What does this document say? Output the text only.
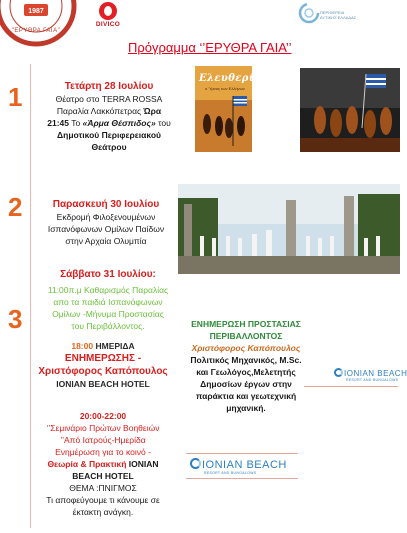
1987
"ΕΡΥΘΡΑ ΓΑΙΑ"
DIVICO
ΠΕΡΙΦΕΡΕΙΑ ΔΥΤΙΚΗΣ ΕΛΛΑΔΑΣ
Πρόγραμμα ‘’ΕΡΥΘΡΑ ΓΑΙΑ’’
1	Τετάρτη 28 Ιουλίου
Θέατρο στο TERRA ROSSA
Παραλία Λακκόπετρας Ώρα
21:45 Το «Άρμα Θέσπιδος» του
Δημοτικού Περιφερειακού
Θεάτρου
Ελευθερία
ο Ύμνος των Ελλήνων
2	Παρασκευή 30 Ιουλίου
Εκδρομή Φιλοξενουμένων
Ισπανόφωνων Ομίλων Παίδων
στην Αρχαία Ολυμπία
3
Σάββατο 31 Ιουλίου:
11:00π.μ Καθαρισμός Παραλίας
απο τα παιδιά Ισπανόφωνων
Ομίλων -Μήνυμα Προστασίας
του Περιβάλλοντος.
18:00 ΗΜΕΡΙΔΑ
ΕΝΗΜΕΡΩΣΗΣ -
Χριστόφορος Καπόπουλος
IONIAN BEACH HOTEL
20:00-22:00
‘’Σεμινάριο Πρώτων Βοηθειών
’’Από Ιατρούς-Ημερίδα
Ενημέρωση για το κοινό -
Θεωρία & Πρακτική IONIAN
BEACH HOTEL
ΘΕΜΑ :ΠΝΙΓΜΟΣ
Τι αποφεύγουμε τι κάνουμε σε
έκτακτη ανάγκη.
ΕΝΗΜΕΡΩΣΗ ΠΡΟΣΤΑΣΙΑΣ
ΠΕΡΙΒΑΛΛΟΝΤΟΣ
Χριστόφορος Καπόπουλος
Πολιτικός Μηχανικός, M.Sc.
και Γεωλόγος,Μελετητής
Δημοσίων έργων στην
παράκτια και γεωτεχνική
μηχανική.
IONIAN BEACH
RESORT AND BUNGALOWS
IONIAN BEACH
RESORT AND BUNGALOWS
